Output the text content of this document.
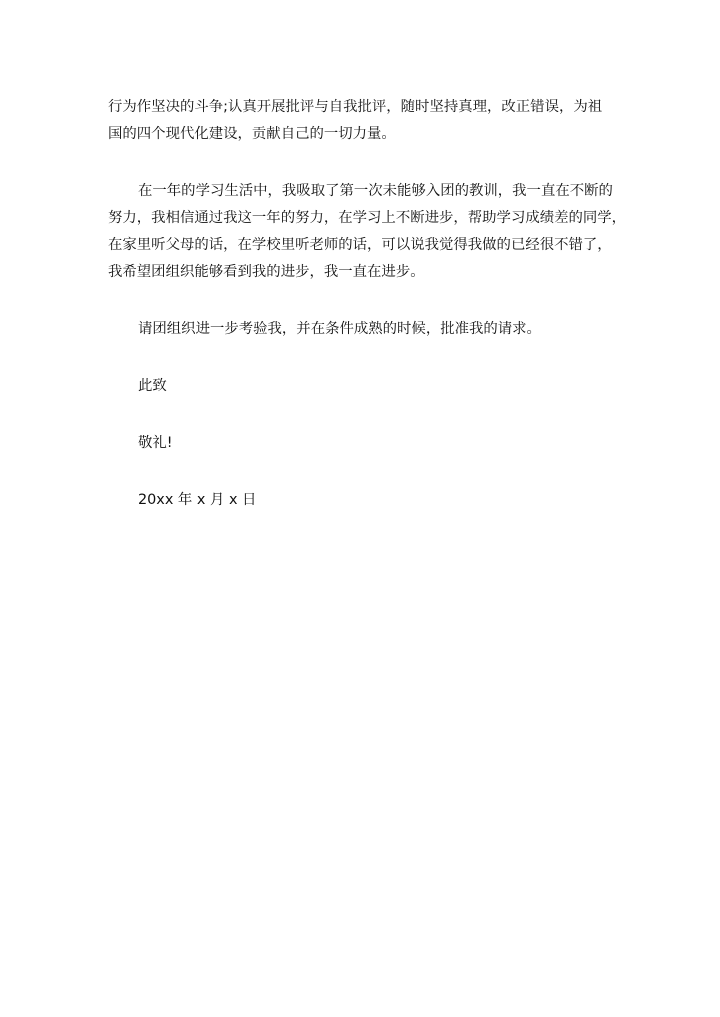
行为作坚决的斗争;认真开展批评与自我批评，随时坚持真理，改正错误，为祖
国的四个现代化建设，贡献自己的一切力量。

在一年的学习生活中，我吸取了第一次未能够入团的教训，我一直在不断的
努力，我相信通过我这一年的努力，在学习上不断进步，帮助学习成绩差的同学，
在家里听父母的话，在学校里听老师的话，可以说我觉得我做的已经很不错了，
我希望团组织能够看到我的进步，我一直在进步。

请团组织进一步考验我，并在条件成熟的时候，批准我的请求。

此致

敬礼!

20xx 年 x 月 x 日
